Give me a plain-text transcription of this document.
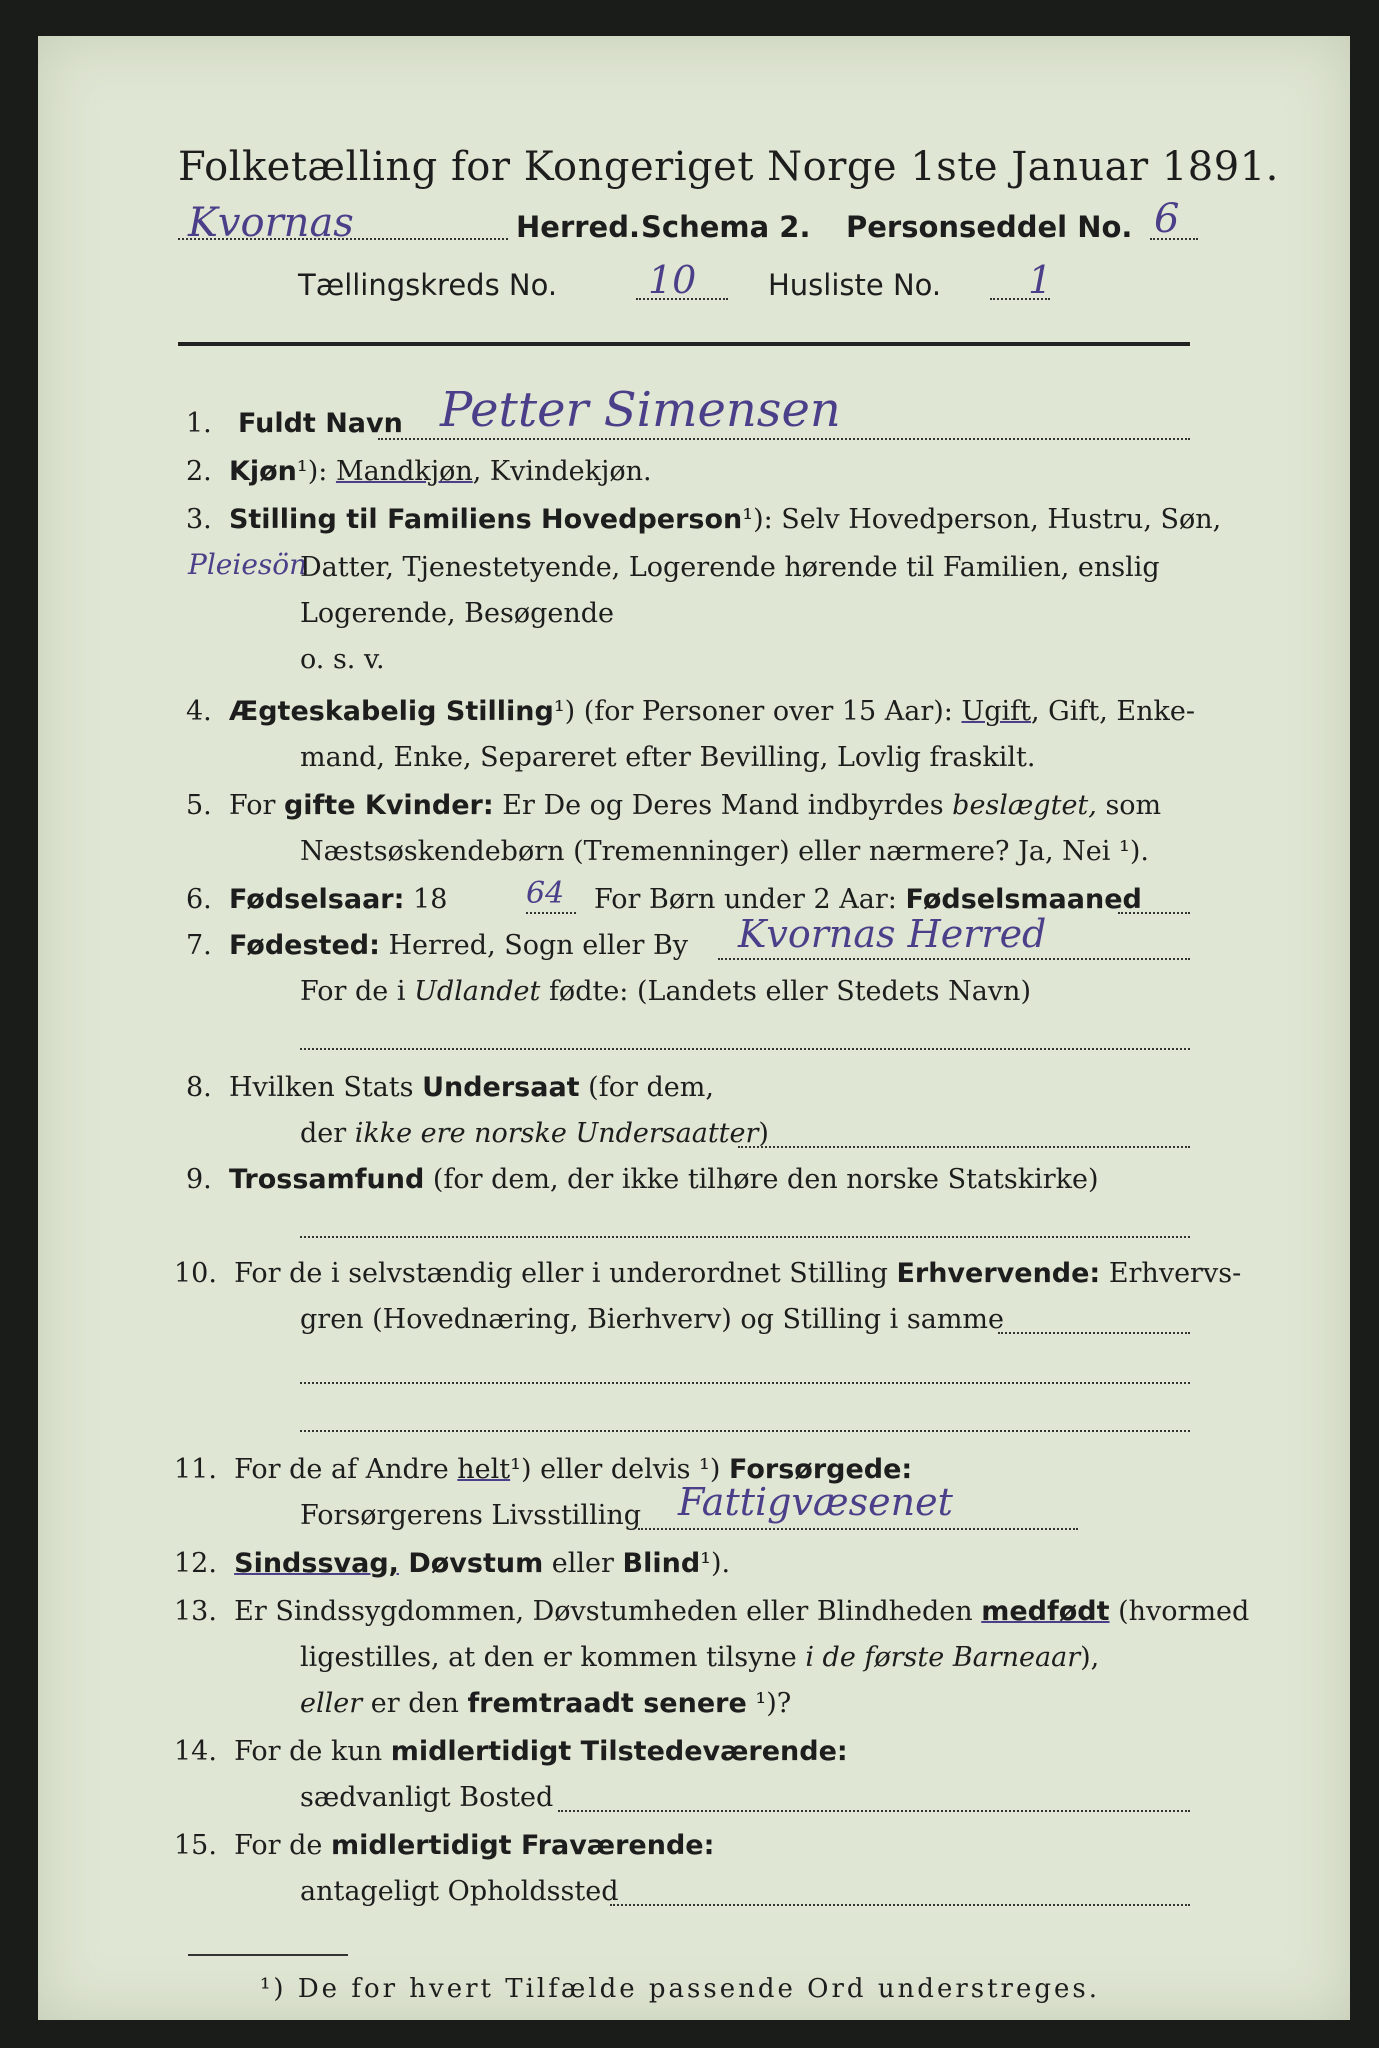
Folketælling for Kongeriget Norge 1ste Januar 1891.
Kvornas	Herred. Schema 2. Personseddel No. 6
Tællingskreds No. 10 Husliste No. 1
1. Fuldt Navn Petter Simensen
2. Kjøn¹): Mandkjøn, Kvindekjøn.
3. Stilling til Familiens Hovedperson¹): Selv Hovedperson, Hustru, Søn,
Pleiesön
Datter, Tjenestetyende, Logerende hørende til Familien, enslig
Logerende, Besøgende
o. s. v.
4. Ægteskabelig Stilling¹) (for Personer over 15 Aar): Ugift, Gift, Enke-
mand, Enke, Separeret efter Bevilling, Lovlig fraskilt.
5. For gifte Kvinder: Er De og Deres Mand indbyrdes beslægtet, som
Næstsøskendebørn (Tremenninger) eller nærmere? Ja, Nei ¹).
6. Fødselsaar: 18	64 For Børn under 2 Aar: Fødselsmaaned
7. Fødested: Herred, Sogn eller By Kvornas Herred
For de i Udlandet fødte: (Landets eller Stedets Navn)
8. Hvilken Stats Undersaat (for dem,
der ikke ere norske Undersaatter)
9. Trossamfund (for dem, der ikke tilhøre den norske Statskirke)
10. For de i selvstændig eller i underordnet Stilling Erhvervende: Erhvervs-
gren (Hovednæring, Bierhverv) og Stilling i samme
11. For de af Andre helt¹) eller delvis ¹) Forsørgede:
Forsørgerens Livsstilling Fattigvæsenet
12. Sindssvag, Døvstum eller Blind¹).
13. Er Sindssygdommen, Døvstumheden eller Blindheden medfødt (hvormed
ligestilles, at den er kommen tilsyne i de første Barneaar),
eller er den fremtraadt senere ¹)?
14. For de kun midlertidigt Tilstedeværende:
sædvanligt Bosted
15. For de midlertidigt Fraværende:
antageligt Opholdssted
¹) De for hvert Tilfælde passende Ord understreges.
